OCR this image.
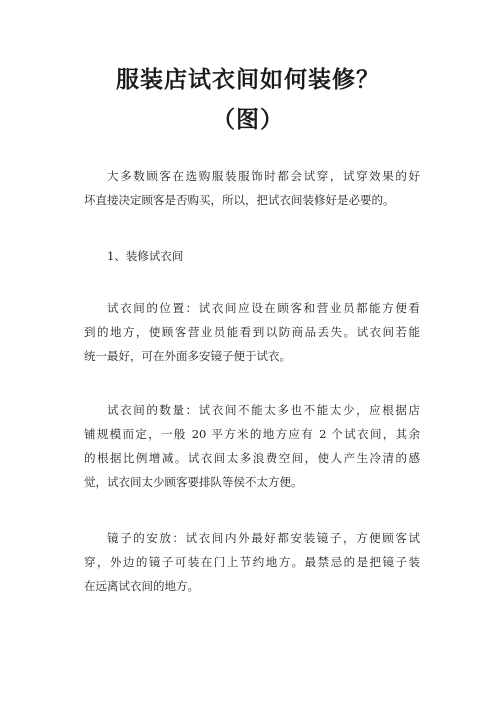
服装店试衣间如何装修？
（图）

大多数顾客在选购服装服饰时都会试穿，试穿效果的好
坏直接决定顾客是否购买，所以，把试衣间装修好是必要的。

1、装修试衣间

试衣间的位置：试衣间应设在顾客和营业员都能方便看
到的地方，使顾客营业员能看到以防商品丢失。试衣间若能
统一最好，可在外面多安镜子便于试衣。

试衣间的数量：试衣间不能太多也不能太少，应根据店
铺规模而定，一般 20 平方米的地方应有 2 个试衣间，其余
的根据比例增减。试衣间太多浪费空间，使人产生冷清的感
觉，试衣间太少顾客要排队等侯不太方便。

镜子的安放：试衣间内外最好都安装镜子，方便顾客试
穿，外边的镜子可装在门上节约地方。最禁忌的是把镜子装
在远离试衣间的地方。
